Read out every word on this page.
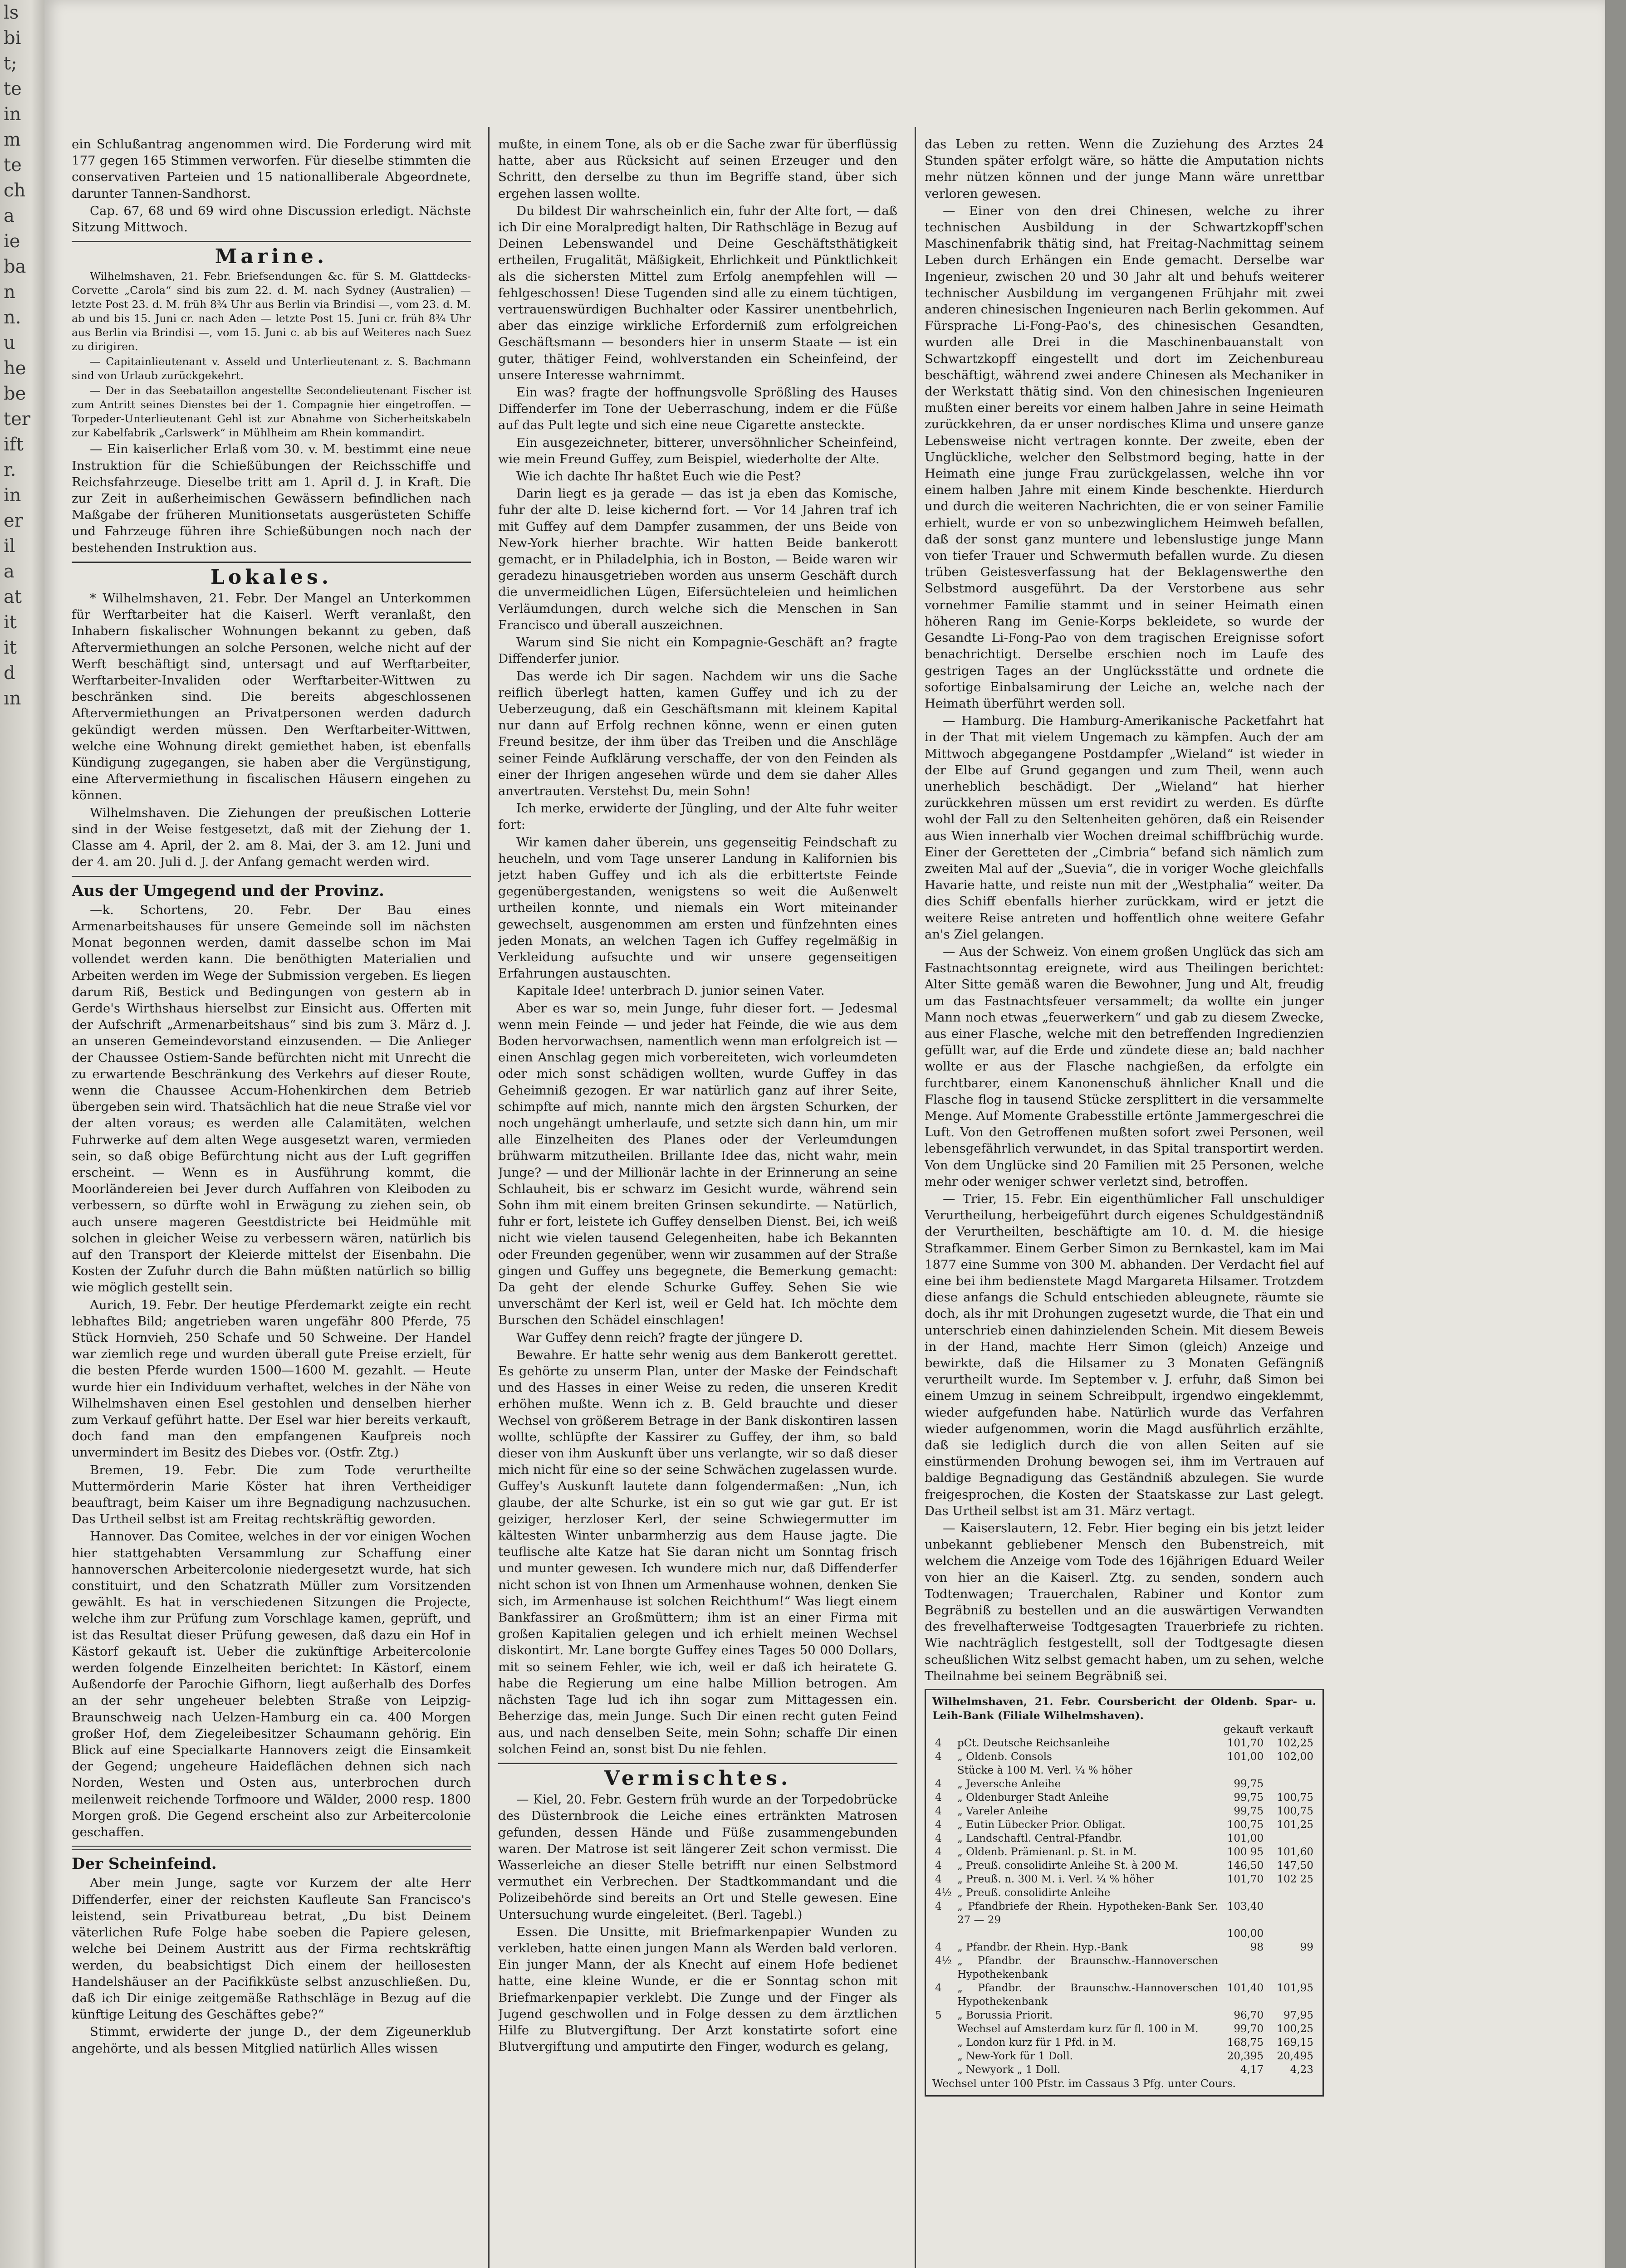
ls
bi
t;
te
in
m
te
ch
a
ie
ba
n
n.
u
he
be
ter
ift
r.
in
er
il
a
at
it
it
d
ın

ein Schlußantrag angenommen wird. Die Forderung wird mit 177 gegen 165 Stimmen verworfen. Für dieselbe stimmten die conservativen Parteien und 15 nationalliberale Abgeordnete, darunter Tannen-Sandhorst.

Cap. 67, 68 und 69 wird ohne Discussion erledigt. Nächste Sitzung Mittwoch.

Marine.

Wilhelmshaven, 21. Febr. Briefsendungen &c. für S. M. Glattdecks-Corvette „Carola“ sind bis zum 22. d. M. nach Sydney (Australien) — letzte Post 23. d. M. früh 8¾ Uhr aus Berlin via Brindisi —, vom 23. d. M. ab und bis 15. Juni cr. nach Aden — letzte Post 15. Juni cr. früh 8¾ Uhr aus Berlin via Brindisi —, vom 15. Juni c. ab bis auf Weiteres nach Suez zu dirigiren.

— Capitainlieutenant v. Asseld und Unterlieutenant z. S. Bachmann sind von Urlaub zurückgekehrt.

— Der in das Seebataillon angestellte Secondelieutenant Fischer ist zum Antritt seines Dienstes bei der 1. Compagnie hier eingetroffen. — Torpeder-Unterlieutenant Gehl ist zur Abnahme von Sicherheitskabeln zur Kabelfabrik „Carlswerk“ in Mühlheim am Rhein kommandirt.

— Ein kaiserlicher Erlaß vom 30. v. M. bestimmt eine neue Instruktion für die Schießübungen der Reichsschiffe und Reichsfahrzeuge. Dieselbe tritt am 1. April d. J. in Kraft. Die zur Zeit in außerheimischen Gewässern befindlichen nach Maßgabe der früheren Munitionsetats ausgerüsteten Schiffe und Fahrzeuge führen ihre Schießübungen noch nach der bestehenden Instruktion aus.

Lokales.

* Wilhelmshaven, 21. Febr. Der Mangel an Unterkommen für Werftarbeiter hat die Kaiserl. Werft veranlaßt, den Inhabern fiskalischer Wohnungen bekannt zu geben, daß Aftervermiethungen an solche Personen, welche nicht auf der Werft beschäftigt sind, untersagt und auf Werftarbeiter, Werftarbeiter-Invaliden oder Werftarbeiter-Wittwen zu beschränken sind. Die bereits abgeschlossenen Aftervermiethungen an Privatpersonen werden dadurch gekündigt werden müssen. Den Werftarbeiter-Wittwen, welche eine Wohnung direkt gemiethet haben, ist ebenfalls Kündigung zugegangen, sie haben aber die Vergünstigung, eine Aftervermiethung in fiscalischen Häusern eingehen zu können.

Wilhelmshaven. Die Ziehungen der preußischen Lotterie sind in der Weise festgesetzt, daß mit der Ziehung der 1. Classe am 4. April, der 2. am 8. Mai, der 3. am 12. Juni und der 4. am 20. Juli d. J. der Anfang gemacht werden wird.

Aus der Umgegend und der Provinz.

—k. Schortens, 20. Febr. Der Bau eines Armenarbeitshauses für unsere Gemeinde soll im nächsten Monat begonnen werden, damit dasselbe schon im Mai vollendet werden kann. Die benöthigten Materialien und Arbeiten werden im Wege der Submission vergeben. Es liegen darum Riß, Bestick und Bedingungen von gestern ab in Gerde's Wirthshaus hierselbst zur Einsicht aus. Offerten mit der Aufschrift „Armenarbeitshaus“ sind bis zum 3. März d. J. an unseren Gemeindevorstand einzusenden. — Die Anlieger der Chaussee Ostiem-Sande befürchten nicht mit Unrecht die zu erwartende Beschränkung des Verkehrs auf dieser Route, wenn die Chaussee Accum-Hohenkirchen dem Betrieb übergeben sein wird. Thatsächlich hat die neue Straße viel vor der alten voraus; es werden alle Calamitäten, welchen Fuhrwerke auf dem alten Wege ausgesetzt waren, vermieden sein, so daß obige Befürchtung nicht aus der Luft gegriffen erscheint. — Wenn es in Ausführung kommt, die Moorländereien bei Jever durch Auffahren von Kleiboden zu verbessern, so dürfte wohl in Erwägung zu ziehen sein, ob auch unsere mageren Geestdistricte bei Heidmühle mit solchen in gleicher Weise zu verbessern wären, natürlich bis auf den Transport der Kleierde mittelst der Eisenbahn. Die Kosten der Zufuhr durch die Bahn müßten natürlich so billig wie möglich gestellt sein.

Aurich, 19. Febr. Der heutige Pferdemarkt zeigte ein recht lebhaftes Bild; angetrieben waren ungefähr 800 Pferde, 75 Stück Hornvieh, 250 Schafe und 50 Schweine. Der Handel war ziemlich rege und wurden überall gute Preise erzielt, für die besten Pferde wurden 1500—1600 M. gezahlt. — Heute wurde hier ein Individuum verhaftet, welches in der Nähe von Wilhelmshaven einen Esel gestohlen und denselben hierher zum Verkauf geführt hatte. Der Esel war hier bereits verkauft, doch fand man den empfangenen Kaufpreis noch unvermindert im Besitz des Diebes vor. (Ostfr. Ztg.)

Bremen, 19. Febr. Die zum Tode verurtheilte Muttermörderin Marie Köster hat ihren Vertheidiger beauftragt, beim Kaiser um ihre Begnadigung nachzusuchen. Das Urtheil selbst ist am Freitag rechtskräftig geworden.

Hannover. Das Comitee, welches in der vor einigen Wochen hier stattgehabten Versammlung zur Schaffung einer hannoverschen Arbeitercolonie niedergesetzt wurde, hat sich constituirt, und den Schatzrath Müller zum Vorsitzenden gewählt. Es hat in verschiedenen Sitzungen die Projecte, welche ihm zur Prüfung zum Vorschlage kamen, geprüft, und ist das Resultat dieser Prüfung gewesen, daß dazu ein Hof in Kästorf gekauft ist. Ueber die zukünftige Arbeitercolonie werden folgende Einzelheiten berichtet: In Kästorf, einem Außendorfe der Parochie Gifhorn, liegt außerhalb des Dorfes an der sehr ungeheuer belebten Straße von Leipzig-Braunschweig nach Uelzen-Hamburg ein ca. 400 Morgen großer Hof, dem Ziegeleibesitzer Schaumann gehörig. Ein Blick auf eine Specialkarte Hannovers zeigt die Einsamkeit der Gegend; ungeheure Haideflächen dehnen sich nach Norden, Westen und Osten aus, unterbrochen durch meilenweit reichende Torfmoore und Wälder, 2000 resp. 1800 Morgen groß. Die Gegend erscheint also zur Arbeitercolonie geschaffen.

Der Scheinfeind.

Aber mein Junge, sagte vor Kurzem der alte Herr Diffenderfer, einer der reichsten Kaufleute San Francisco's leistend, sein Privatbureau betrat, „Du bist Deinem väterlichen Rufe Folge habe soeben die Papiere gelesen, welche bei Deinem Austritt aus der Firma rechtskräftig werden, du beabsichtigst Dich einem der heillosesten Handelshäuser an der Pacifikküste selbst anzuschließen. Du, daß ich Dir einige zeitgemäße Rathschläge in Bezug auf die künftige Leitung des Geschäftes gebe?“

Stimmt, erwiderte der junge D., der dem Zigeunerklub angehörte, und als bessen Mitglied natürlich Alles wissen

mußte, in einem Tone, als ob er die Sache zwar für überflüssig hatte, aber aus Rücksicht auf seinen Erzeuger und den Schritt, den derselbe zu thun im Begriffe stand, über sich ergehen lassen wollte.

Du bildest Dir wahrscheinlich ein, fuhr der Alte fort, — daß ich Dir eine Moralpredigt halten, Dir Rathschläge in Bezug auf Deinen Lebenswandel und Deine Geschäftsthätigkeit ertheilen, Frugalität, Mäßigkeit, Ehrlichkeit und Pünktlichkeit als die sichersten Mittel zum Erfolg anempfehlen will — fehlgeschossen! Diese Tugenden sind alle zu einem tüchtigen, vertrauenswürdigen Buchhalter oder Kassirer unentbehrlich, aber das einzige wirkliche Erforderniß zum erfolgreichen Geschäftsmann — besonders hier in unserm Staate — ist ein guter, thätiger Feind, wohlverstanden ein Scheinfeind, der unsere Interesse wahrnimmt.

Ein was? fragte der hoffnungsvolle Sprößling des Hauses Diffenderfer im Tone der Ueberraschung, indem er die Füße auf das Pult legte und sich eine neue Cigarette ansteckte.

Ein ausgezeichneter, bitterer, unversöhnlicher Scheinfeind, wie mein Freund Guffey, zum Beispiel, wiederholte der Alte.

Wie ich dachte Ihr haßtet Euch wie die Pest?

Darin liegt es ja gerade — das ist ja eben das Komische, fuhr der alte D. leise kichernd fort. — Vor 14 Jahren traf ich mit Guffey auf dem Dampfer zusammen, der uns Beide von New-York hierher brachte. Wir hatten Beide bankerott gemacht, er in Philadelphia, ich in Boston, — Beide waren wir geradezu hinausgetrieben worden aus unserm Geschäft durch die unvermeidlichen Lügen, Eifersüchteleien und heimlichen Verläumdungen, durch welche sich die Menschen in San Francisco und überall auszeichnen.

Warum sind Sie nicht ein Kompagnie-Geschäft an? fragte Diffenderfer junior.

Das werde ich Dir sagen. Nachdem wir uns die Sache reiflich überlegt hatten, kamen Guffey und ich zu der Ueberzeugung, daß ein Geschäftsmann mit kleinem Kapital nur dann auf Erfolg rechnen könne, wenn er einen guten Freund besitze, der ihm über das Treiben und die Anschläge seiner Feinde Aufklärung verschaffe, der von den Feinden als einer der Ihrigen angesehen würde und dem sie daher Alles anvertrauten. Verstehst Du, mein Sohn!

Ich merke, erwiderte der Jüngling, und der Alte fuhr weiter fort:

Wir kamen daher überein, uns gegenseitig Feindschaft zu heucheln, und vom Tage unserer Landung in Kalifornien bis jetzt haben Guffey und ich als die erbittertste Feinde gegenübergestanden, wenigstens so weit die Außenwelt urtheilen konnte, und niemals ein Wort miteinander gewechselt, ausgenommen am ersten und fünfzehnten eines jeden Monats, an welchen Tagen ich Guffey regelmäßig in Verkleidung aufsuchte und wir unsere gegenseitigen Erfahrungen austauschten.

Kapitale Idee! unterbrach D. junior seinen Vater.

Aber es war so, mein Junge, fuhr dieser fort. — Jedesmal wenn mein Feinde — und jeder hat Feinde, die wie aus dem Boden hervorwachsen, namentlich wenn man erfolgreich ist — einen Anschlag gegen mich vorbereiteten, wich vorleumdeten oder mich sonst schädigen wollten, wurde Guffey in das Geheimniß gezogen. Er war natürlich ganz auf ihrer Seite, schimpfte auf mich, nannte mich den ärgsten Schurken, der noch ungehängt umherlaufe, und setzte sich dann hin, um mir alle Einzelheiten des Planes oder der Verleumdungen brühwarm mitzutheilen. Brillante Idee das, nicht wahr, mein Junge? — und der Millionär lachte in der Erinnerung an seine Schlauheit, bis er schwarz im Gesicht wurde, während sein Sohn ihm mit einem breiten Grinsen sekundirte. — Natürlich, fuhr er fort, leistete ich Guffey denselben Dienst. Bei, ich weiß nicht wie vielen tausend Gelegenheiten, habe ich Bekannten oder Freunden gegenüber, wenn wir zusammen auf der Straße gingen und Guffey uns begegnete, die Bemerkung gemacht: Da geht der elende Schurke Guffey. Sehen Sie wie unverschämt der Kerl ist, weil er Geld hat. Ich möchte dem Burschen den Schädel einschlagen!

War Guffey denn reich? fragte der jüngere D.

Bewahre. Er hatte sehr wenig aus dem Bankerott gerettet. Es gehörte zu unserm Plan, unter der Maske der Feindschaft und des Hasses in einer Weise zu reden, die unseren Kredit erhöhen mußte. Wenn ich z. B. Geld brauchte und dieser Wechsel von größerem Betrage in der Bank diskontiren lassen wollte, schlüpfte der Kassirer zu Guffey, der ihm, so bald dieser von ihm Auskunft über uns verlangte, wir so daß dieser mich nicht für eine so der seine Schwächen zugelassen wurde. Guffey's Auskunft lautete dann folgendermaßen: „Nun, ich glaube, der alte Schurke, ist ein so gut wie gar gut. Er ist geiziger, herzloser Kerl, der seine Schwiegermutter im kältesten Winter unbarmherzig aus dem Hause jagte. Die teuflische alte Katze hat Sie daran nicht um Sonntag frisch und munter gewesen. Ich wundere mich nur, daß Diffenderfer nicht schon ist von Ihnen um Armenhause wohnen, denken Sie sich, im Armenhause ist solchen Reichthum!“ Was liegt einem Bankfassirer an Großmüttern; ihm ist an einer Firma mit großen Kapitalien gelegen und ich erhielt meinen Wechsel diskontirt. Mr. Lane borgte Guffey eines Tages 50 000 Dollars, mit so seinem Fehler, wie ich, weil er daß ich heiratete G. habe die Regierung um eine halbe Million betrogen. Am nächsten Tage lud ich ihn sogar zum Mittagessen ein. Beherzige das, mein Junge. Such Dir einen recht guten Feind aus, und nach denselben Seite, mein Sohn; schaffe Dir einen solchen Feind an, sonst bist Du nie fehlen.

Vermischtes.

— Kiel, 20. Febr. Gestern früh wurde an der Torpedobrücke des Düsternbrook die Leiche eines ertränkten Matrosen gefunden, dessen Hände und Füße zusammengebunden waren. Der Matrose ist seit längerer Zeit schon vermisst. Die Wasserleiche an dieser Stelle betrifft nur einen Selbstmord vermuthet ein Verbrechen. Der Stadtkommandant und die Polizeibehörde sind bereits an Ort und Stelle gewesen. Eine Untersuchung wurde eingeleitet. (Berl. Tagebl.)

Essen. Die Unsitte, mit Briefmarkenpapier Wunden zu verkleben, hatte einen jungen Mann als Werden bald verloren. Ein junger Mann, der als Knecht auf einem Hofe bedienet hatte, eine kleine Wunde, er die er Sonntag schon mit Briefmarkenpapier verklebt. Die Zunge und der Finger als Jugend geschwollen und in Folge dessen zu dem ärztlichen Hilfe zu Blutvergiftung. Der Arzt konstatirte sofort eine Blutvergiftung und amputirte den Finger, wodurch es gelang,

das Leben zu retten. Wenn die Zuziehung des Arztes 24 Stunden später erfolgt wäre, so hätte die Amputation nichts mehr nützen können und der junge Mann wäre unrettbar verloren gewesen.

— Einer von den drei Chinesen, welche zu ihrer technischen Ausbildung in der Schwartzkopff'schen Maschinenfabrik thätig sind, hat Freitag-Nachmittag seinem Leben durch Erhängen ein Ende gemacht. Derselbe war Ingenieur, zwischen 20 und 30 Jahr alt und behufs weiterer technischer Ausbildung im vergangenen Frühjahr mit zwei anderen chinesischen Ingenieuren nach Berlin gekommen. Auf Fürsprache Li-Fong-Pao's, des chinesischen Gesandten, wurden alle Drei in die Maschinenbauanstalt von Schwartzkopff eingestellt und dort im Zeichenbureau beschäftigt, während zwei andere Chinesen als Mechaniker in der Werkstatt thätig sind. Von den chinesischen Ingenieuren mußten einer bereits vor einem halben Jahre in seine Heimath zurückkehren, da er unser nordisches Klima und unsere ganze Lebensweise nicht vertragen konnte. Der zweite, eben der Unglückliche, welcher den Selbstmord beging, hatte in der Heimath eine junge Frau zurückgelassen, welche ihn vor einem halben Jahre mit einem Kinde beschenkte. Hierdurch und durch die weiteren Nachrichten, die er von seiner Familie erhielt, wurde er von so unbezwinglichem Heimweh befallen, daß der sonst ganz muntere und lebenslustige junge Mann von tiefer Trauer und Schwermuth befallen wurde. Zu diesen trüben Geistesverfassung hat der Beklagenswerthe den Selbstmord ausgeführt. Da der Verstorbene aus sehr vornehmer Familie stammt und in seiner Heimath einen höheren Rang im Genie-Korps bekleidete, so wurde der Gesandte Li-Fong-Pao von dem tragischen Ereignisse sofort benachrichtigt. Derselbe erschien noch im Laufe des gestrigen Tages an der Unglücksstätte und ordnete die sofortige Einbalsamirung der Leiche an, welche nach der Heimath überführt werden soll.

— Hamburg. Die Hamburg-Amerikanische Packetfahrt hat in der That mit vielem Ungemach zu kämpfen. Auch der am Mittwoch abgegangene Postdampfer „Wieland“ ist wieder in der Elbe auf Grund gegangen und zum Theil, wenn auch unerheblich beschädigt. Der „Wieland“ hat hierher zurückkehren müssen um erst revidirt zu werden. Es dürfte wohl der Fall zu den Seltenheiten gehören, daß ein Reisender aus Wien innerhalb vier Wochen dreimal schiffbrüchig wurde. Einer der Geretteten der „Cimbria“ befand sich nämlich zum zweiten Mal auf der „Suevia“, die in voriger Woche gleichfalls Havarie hatte, und reiste nun mit der „Westphalia“ weiter. Da dies Schiff ebenfalls hierher zurückkam, wird er jetzt die weitere Reise antreten und hoffentlich ohne weitere Gefahr an's Ziel gelangen.

— Aus der Schweiz. Von einem großen Unglück das sich am Fastnachtsonntag ereignete, wird aus Theilingen berichtet: Alter Sitte gemäß waren die Bewohner, Jung und Alt, freudig um das Fastnachtsfeuer versammelt; da wollte ein junger Mann noch etwas „feuerwerkern“ und gab zu diesem Zwecke, aus einer Flasche, welche mit den betreffenden Ingredienzien gefüllt war, auf die Erde und zündete diese an; bald nachher wollte er aus der Flasche nachgießen, da erfolgte ein furchtbarer, einem Kanonenschuß ähnlicher Knall und die Flasche flog in tausend Stücke zersplittert in die versammelte Menge. Auf Momente Grabesstille ertönte Jammergeschrei die Luft. Von den Getroffenen mußten sofort zwei Personen, weil lebensgefährlich verwundet, in das Spital transportirt werden. Von dem Unglücke sind 20 Familien mit 25 Personen, welche mehr oder weniger schwer verletzt sind, betroffen.

— Trier, 15. Febr. Ein eigenthümlicher Fall unschuldiger Verurtheilung, herbeigeführt durch eigenes Schuldgeständniß der Verurtheilten, beschäftigte am 10. d. M. die hiesige Strafkammer. Einem Gerber Simon zu Bernkastel, kam im Mai 1877 eine Summe von 300 M. abhanden. Der Verdacht fiel auf eine bei ihm bedienstete Magd Margareta Hilsamer. Trotzdem diese anfangs die Schuld entschieden ableugnete, räumte sie doch, als ihr mit Drohungen zugesetzt wurde, die That ein und unterschrieb einen dahinzielenden Schein. Mit diesem Beweis in der Hand, machte Herr Simon (gleich) Anzeige und bewirkte, daß die Hilsamer zu 3 Monaten Gefängniß verurtheilt wurde. Im September v. J. erfuhr, daß Simon bei einem Umzug in seinem Schreibpult, irgendwo eingeklemmt, wieder aufgefunden habe. Natürlich wurde das Verfahren wieder aufgenommen, worin die Magd ausführlich erzählte, daß sie lediglich durch die von allen Seiten auf sie einstürmenden Drohung bewogen sei, ihm im Vertrauen auf baldige Begnadigung das Geständniß abzulegen. Sie wurde freigesprochen, die Kosten der Staatskasse zur Last gelegt. Das Urtheil selbst ist am 31. März vertagt.

— Kaiserslautern, 12. Febr. Hier beging ein bis jetzt leider unbekannt gebliebener Mensch den Bubenstreich, mit welchem die Anzeige vom Tode des 16jährigen Eduard Weiler von hier an die Kaiserl. Ztg. zu senden, sondern auch Todtenwagen; Trauerchalen, Rabiner und Kontor zum Begräbniß zu bestellen und an die auswärtigen Verwandten des frevelhafterweise Todtgesagten Trauerbriefe zu richten. Wie nachträglich festgestellt, soll der Todtgesagte diesen scheußlichen Witz selbst gemacht haben, um zu sehen, welche Theilnahme bei seinem Begräbniß sei.

Wilhelmshaven, 21. Febr. Coursbericht der Oldenb. Spar- u. Leih-Bank (Filiale Wilhelmshaven).
		gekauft	verkauft
4	pCt. Deutsche Reichsanleihe	101,70	102,25
4	„ Oldenb. Consols	101,00	102,00
	Stücke à 100 M. Verl. ¼ % höher		
4	„ Jeversche Anleihe	99,75	
4	„ Oldenburger Stadt Anleihe	99,75	100,75
4	„ Vareler Anleihe	99,75	100,75
4	„ Eutin Lübecker Prior. Obligat.	100,75	101,25
4	„ Landschaftl. Central-Pfandbr.	101,00	
4	„ Oldenb. Prämienanl. p. St. in M.	100 95	101,60
4	„ Preuß. consolidirte Anleihe St. à 200 M.	146,50	147,50
4	„ Preuß. n. 300 M. i. Verl. ¼ % höher	101,70	102 25
4½	„ Preuß. consolidirte Anleihe		
4	„ Pfandbriefe der Rhein. Hypotheken-Bank Ser. 27 — 29	103,40	
		100,00	
4	„ Pfandbr. der Rhein. Hyp.-Bank	98	99
4½	„ Pfandbr. der Braunschw.-Hannoverschen Hypothekenbank		
4	„ Pfandbr. der Braunschw.-Hannoverschen Hypothekenbank	101,40	101,95
5	„ Borussia Priorit.	96,70	97,95
	Wechsel auf Amsterdam kurz für fl. 100 in M.	99,70	100,25
	„ London kurz für 1 Pfd. in M.	168,75	169,15
	„ New-York für 1 Doll.	20,395	20,495
	„ Newyork „ 1 Doll.	4,17	4,23
Wechsel unter 100 Pfstr. im Cassaus 3 Pfg. unter Cours.
